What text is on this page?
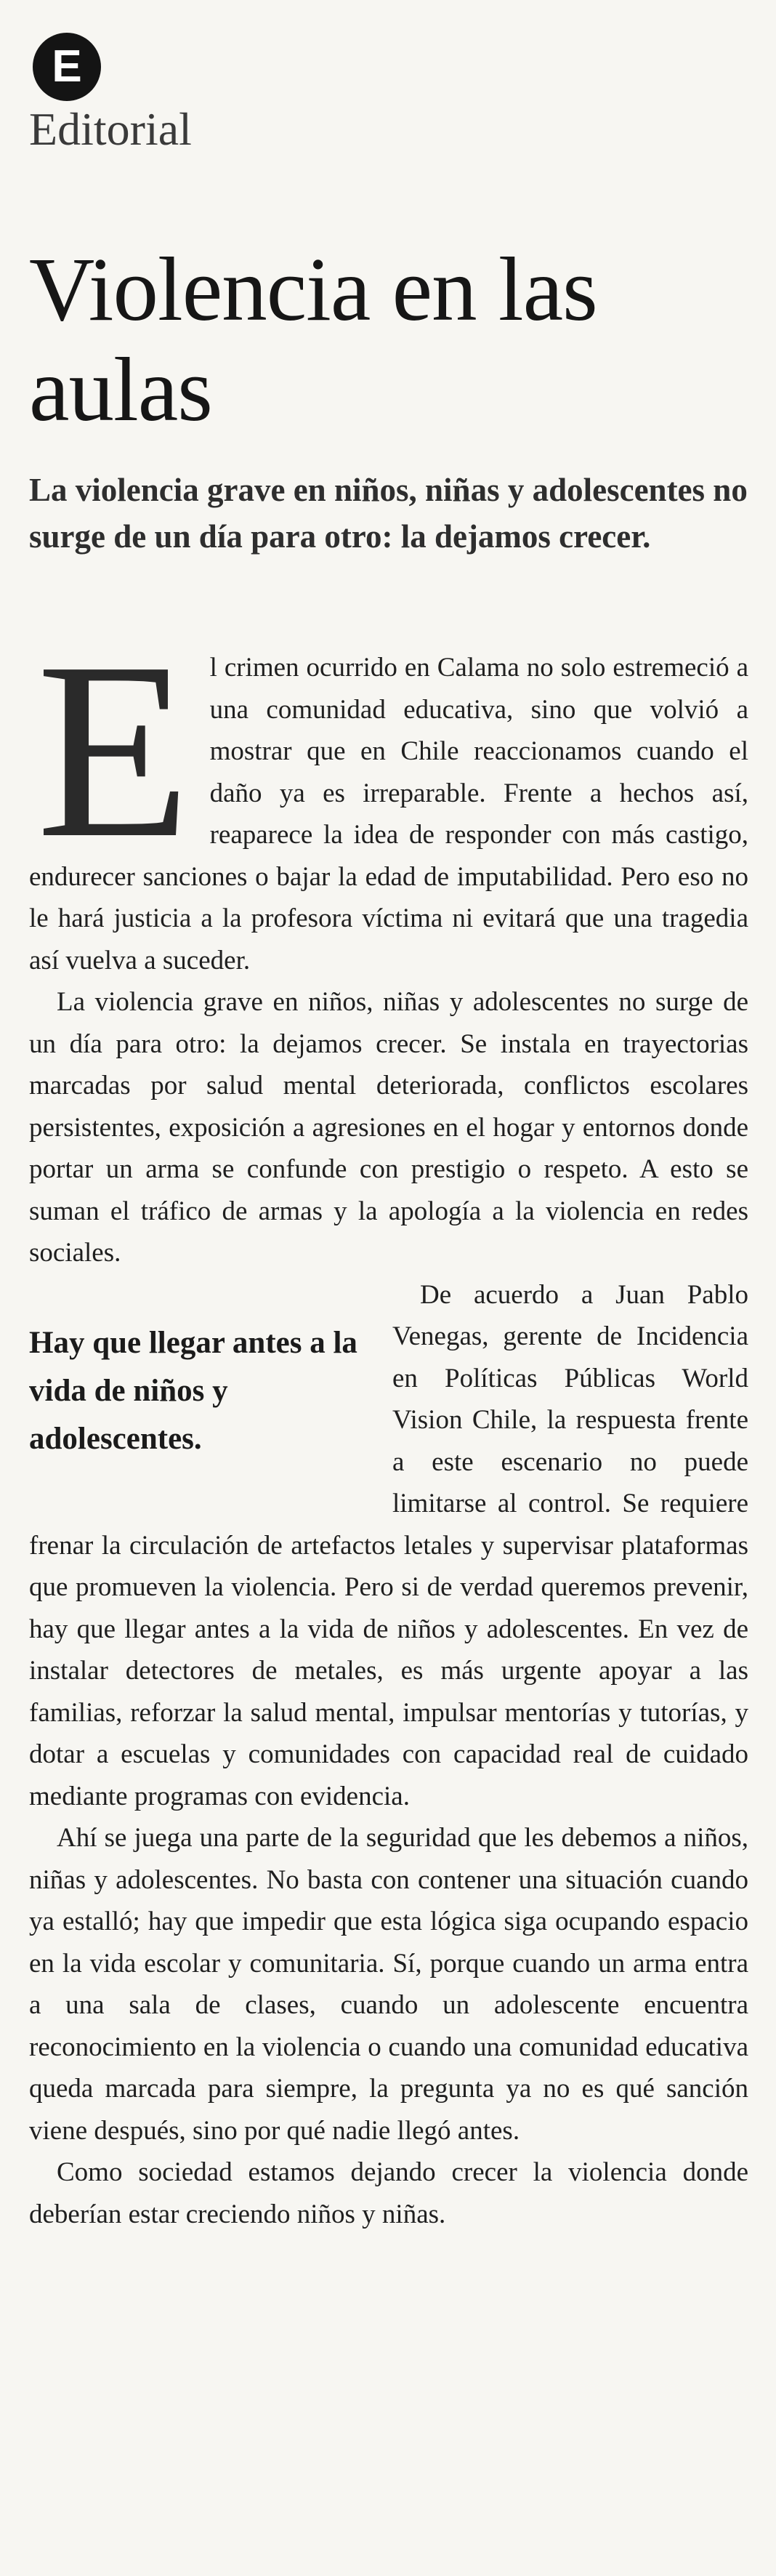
E
Editorial
Violencia en las aulas

La violencia grave en niños, niñas y adolescentes no surge de un día para otro: la dejamos crecer.

El crimen ocurrido en Calama no solo estremeció a una comunidad educativa, sino que volvió a mostrar que en Chile reaccionamos cuando el daño ya es irreparable. Frente a hechos así, reaparece la idea de responder con más castigo, endurecer sanciones o bajar la edad de imputabilidad. Pero eso no le hará justicia a la profesora víctima ni evitará que una tragedia así vuelva a suceder.

La violencia grave en niños, niñas y adolescentes no surge de un día para otro: la dejamos crecer. Se instala en trayectorias marcadas por salud mental deteriorada, conflictos escolares persistentes, exposición a agresiones en el hogar y entornos donde portar un arma se confunde con prestigio o respeto. A esto se suman el tráfico de armas y la apología a la violencia en redes sociales.

Hay que llegar antes a la vida de niños y adolescentes.
De acuerdo a Juan Pablo Venegas, gerente de Incidencia en Políticas Públicas World Vision Chile, la respuesta frente a este escenario no puede limitarse al control. Se requiere frenar la circulación de artefactos letales y supervisar plataformas que promueven la violencia. Pero si de verdad queremos prevenir, hay que llegar antes a la vida de niños y adolescentes. En vez de instalar detectores de metales, es más urgente apoyar a las familias, reforzar la salud mental, impulsar mentorías y tutorías, y dotar a escuelas y comunidades con capacidad real de cuidado mediante programas con evidencia.

Ahí se juega una parte de la seguridad que les debemos a niños, niñas y adolescentes. No basta con contener una situación cuando ya estalló; hay que impedir que esta lógica siga ocupando espacio en la vida escolar y comunitaria. Sí, porque cuando un arma entra a una sala de clases, cuando un adolescente encuentra reconocimiento en la violencia o cuando una comunidad educativa queda marcada para siempre, la pregunta ya no es qué sanción viene después, sino por qué nadie llegó antes.

Como sociedad estamos dejando crecer la violencia donde deberían estar creciendo niños y niñas.
